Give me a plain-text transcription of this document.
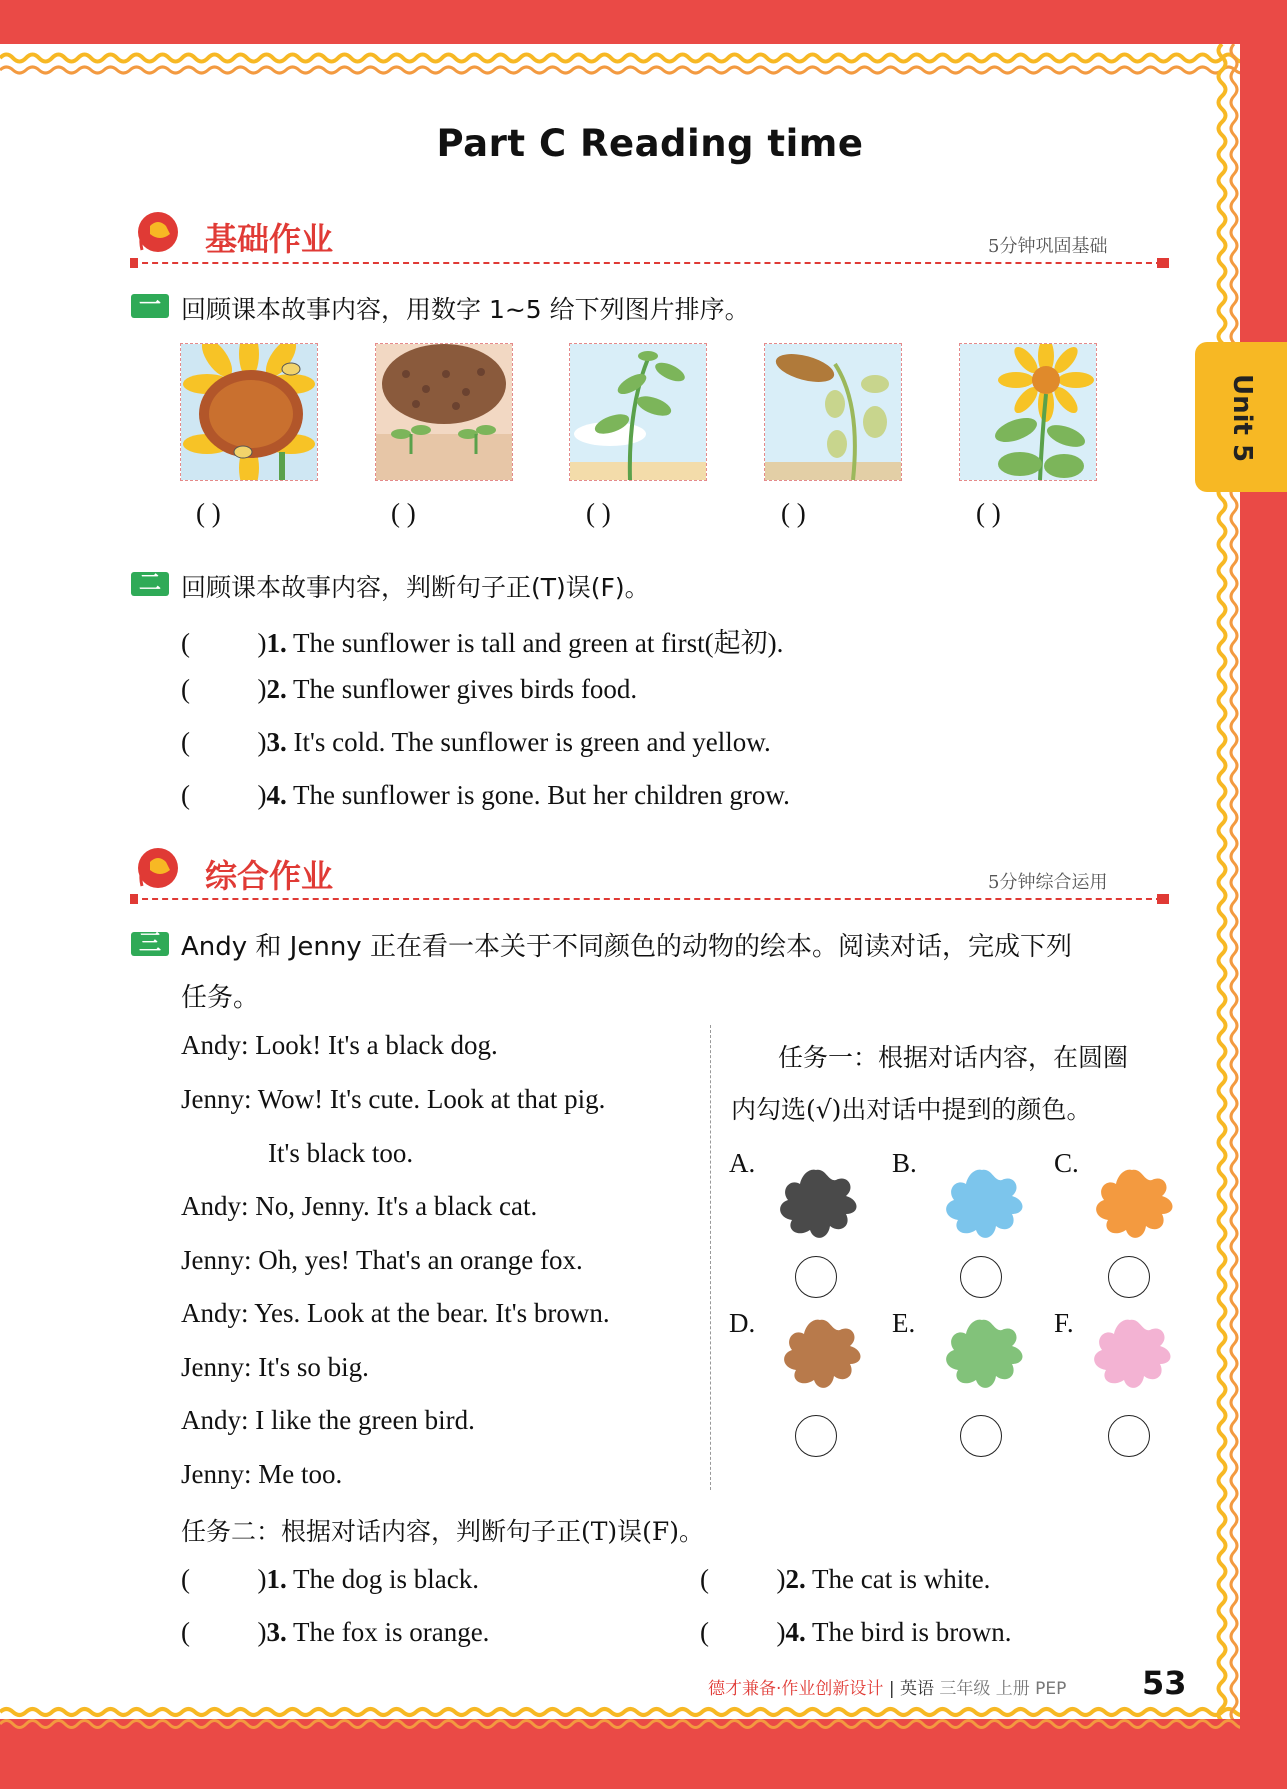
Unit 5
Part C Reading time
基础作业	5分钟巩固基础
一 回顾课本故事内容，用数字 1~5 给下列图片排序。
( )	( )	( )	( )	( )
二 回顾课本故事内容，判断句子正(T)误(F)。
(          )1. The sunflower is tall and green at first(起初).
(          )2. The sunflower gives birds food.
(          )3. It's cold. The sunflower is green and yellow.
(          )4. The sunflower is gone. But her children grow.
综合作业	5分钟综合运用
三 Andy 和 Jenny 正在看一本关于不同颜色的动物的绘本。阅读对话，完成下列
任务。
Andy: Look! It's a black dog.
Jenny: Wow! It's cute. Look at that pig.
It's black too.
Andy: No, Jenny. It's a black cat.
Jenny: Oh, yes! That's an orange fox.
Andy: Yes. Look at the bear. It's brown.
Jenny: It's so big.
Andy: I like the green bird.
Jenny: Me too.
任务一：根据对话内容，在圆圈
内勾选(√)出对话中提到的颜色。
A.	B.	C.
D.	E.	F.
任务二：根据对话内容，判断句子正(T)误(F)。
(          )1. The dog is black.	(          )2. The cat is white.
(          )3. The fox is orange.	(          )4. The bird is brown.
德才兼备·作业创新设计 | 英语 三年级 上册 PEP 53
